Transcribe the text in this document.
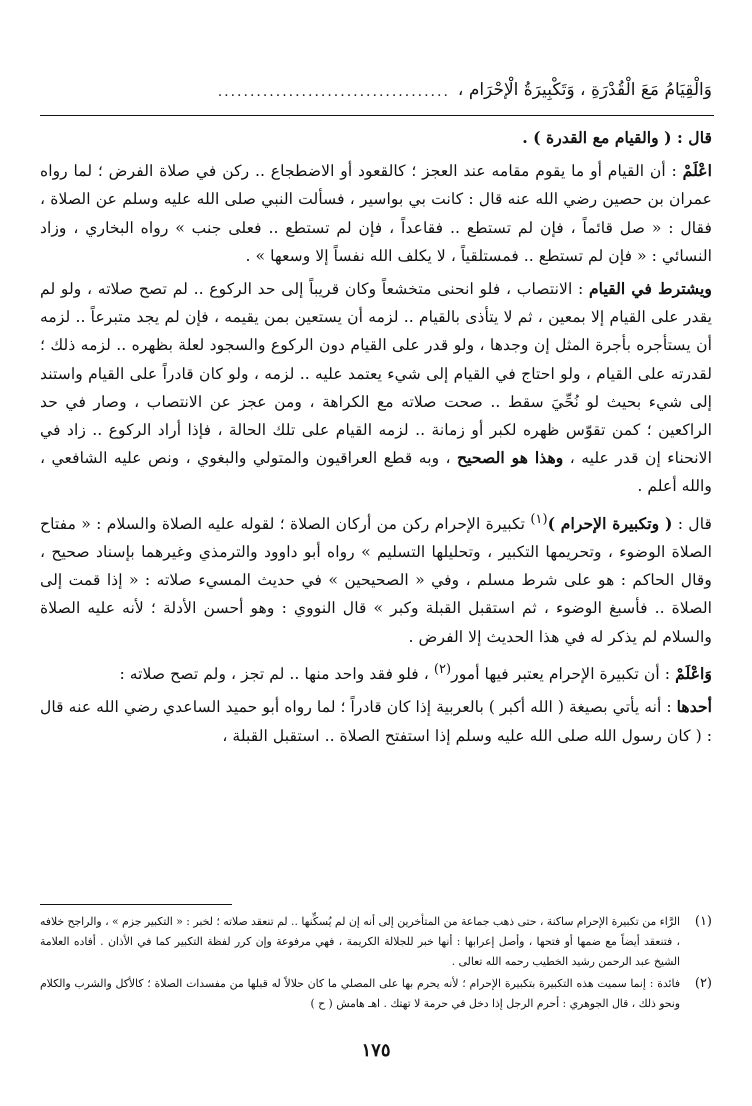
وَالْقِيَامُ مَعَ الْقُدْرَةِ ، وَتَكْبِيرَةُ الْإِحْرَامِ ،
....................................

قال : ( والقيام مع القدرة ) .

اعْلَمْ : أن القيام أو ما يقوم مقامه عند العجز ؛ كالقعود أو الاضطجاع .. ركن في صلاة الفرض ؛ لما رواه عمران بن حصين رضي الله عنه قال : كانت بي بواسير ، فسألت النبي صلى الله عليه وسلم عن الصلاة ، فقال : « صل قائماً ، فإن لم تستطع .. فقاعداً ، فإن لم تستطع .. فعلى جنب » رواه البخاري ، وزاد النسائي : « فإن لم تستطع .. فمستلقياً ، لا يكلف الله نفساً إلا وسعها » .

ويشترط في القيام : الانتصاب ، فلو انحنى متخشعاً وكان قريباً إلى حد الركوع .. لم تصح صلاته ، ولو لم يقدر على القيام إلا بمعين ، ثم لا يتأذى بالقيام .. لزمه أن يستعين بمن يقيمه ، فإن لم يجد متبرعاً .. لزمه أن يستأجره بأجرة المثل إن وجدها ، ولو قدر على القيام دون الركوع والسجود لعلة بظهره .. لزمه ذلك ؛ لقدرته على القيام ، ولو احتاج في القيام إلى شيء يعتمد عليه .. لزمه ، ولو كان قادراً على القيام واستند إلى شيء بحيث لو نُحِّيَ سقط .. صحت صلاته مع الكراهة ، ومن عجز عن الانتصاب ، وصار في حد الراكعين ؛ كمن تقوّس ظهره لكبر أو زمانة .. لزمه القيام على تلك الحالة ، فإذا أراد الركوع .. زاد في الانحناء إن قدر عليه ، وهذا هو الصحيح ، وبه قطع العراقيون والمتولي والبغوي ، ونص عليه الشافعي ، والله أعلم .

قال : ( وتكبيرة الإحرام )$^{(١)}$ تكبيرة الإحرام ركن من أركان الصلاة ؛ لقوله عليه الصلاة والسلام : « مفتاح الصلاة الوضوء ، وتحريمها التكبير ، وتحليلها التسليم » رواه أبو داوود والترمذي وغيرهما بإسناد صحيح ، وقال الحاكم : هو على شرط مسلم ، وفي « الصحيحين » في حديث المسيء صلاته : « إذا قمت إلى الصلاة .. فأسبغ الوضوء ، ثم استقبل القبلة وكبر » قال النووي : وهو أحسن الأدلة ؛ لأنه عليه الصلاة والسلام لم يذكر له في هذا الحديث إلا الفرض .

وَاعْلَمْ : أن تكبيرة الإحرام يعتبر فيها أمور$^{(٢)}$ ، فلو فقد واحد منها .. لم تجز ، ولم تصح صلاته :

أحدها : أنه يأتي بصيغة ( الله أكبر ) بالعربية إذا كان قادراً ؛ لما رواه أبو حميد الساعدي رضي الله عنه قال : ( كان رسول الله صلى الله عليه وسلم إذا استفتح الصلاة .. استقبل القبلة ،

(١)
الرَّاء من تكبيرة الإحرام ساكنة ، حتى ذهب جماعة من المتأخرين إلى أنه إن لم يُسكِّنها .. لم تنعقد صلاته ؛ لخبر : « التكبير جزم » ، والراجح خلافه ، فتنعقد أيضاً مع ضمها أو فتحها ، وأصل إعرابها : أنها خبر للجلالة الكريمة ، فهي مرفوعة وإن كرر لفظة التكبير كما في الأذان . أفاده العلامة الشيخ عبد الرحمن رشيد الخطيب رحمه الله تعالى .
(٢)
فائدة : إنما سميت هذه التكبيرة بتكبيرة الإحرام ؛ لأنه يحرم بها على المصلي ما كان حلالاً له قبلها من مفسدات الصلاة ؛ كالأكل والشرب والكلام ونحو ذلك ، قال الجوهري : أحرم الرجل إذا دخل في حرمة لا تهتك . اهـ هامش ( ح )
١٧٥
